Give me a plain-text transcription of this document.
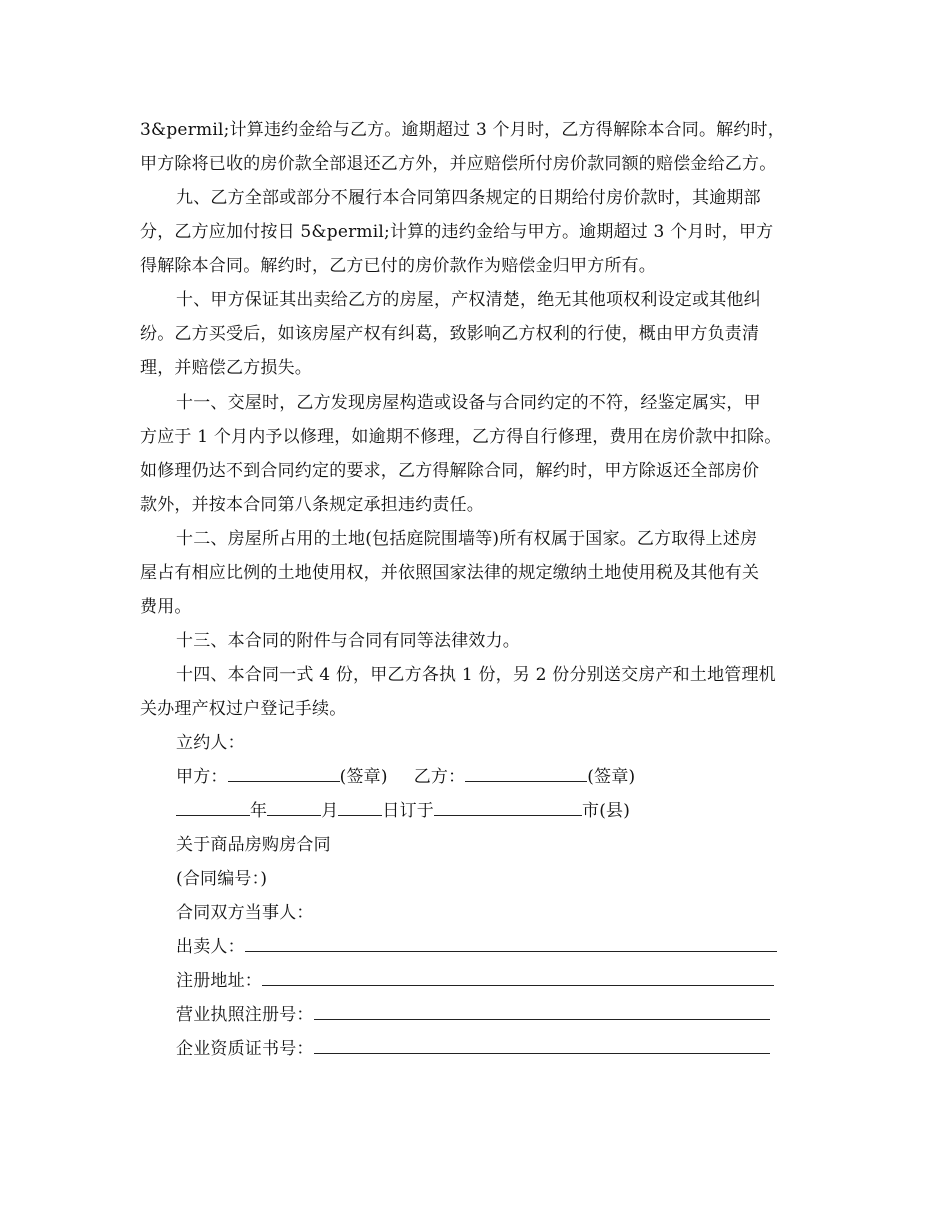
3&permil;计算违约金给与乙方。逾期超过 3 个月时，乙方得解除本合同。解约时，
甲方除将已收的房价款全部退还乙方外，并应赔偿所付房价款同额的赔偿金给乙方。
九、乙方全部或部分不履行本合同第四条规定的日期给付房价款时，其逾期部
分，乙方应加付按日 5&permil;计算的违约金给与甲方。逾期超过 3 个月时，甲方
得解除本合同。解约时，乙方已付的房价款作为赔偿金归甲方所有。
十、甲方保证其出卖给乙方的房屋，产权清楚，绝无其他项权利设定或其他纠
纷。乙方买受后，如该房屋产权有纠葛，致影响乙方权利的行使，概由甲方负责清
理，并赔偿乙方损失。
十一、交屋时，乙方发现房屋构造或设备与合同约定的不符，经鉴定属实，甲
方应于 1 个月内予以修理，如逾期不修理，乙方得自行修理，费用在房价款中扣除。
如修理仍达不到合同约定的要求，乙方得解除合同，解约时，甲方除返还全部房价
款外，并按本合同第八条规定承担违约责任。
十二、房屋所占用的土地(包括庭院围墙等)所有权属于国家。乙方取得上述房
屋占有相应比例的土地使用权，并依照国家法律的规定缴纳土地使用税及其他有关
费用。
十三、本合同的附件与合同有同等法律效力。
十四、本合同一式 4 份，甲乙方各执 1 份，另 2 份分别送交房产和土地管理机
关办理产权过户登记手续。
立约人：
甲方：	(签章) 乙方：	(签章)
年	月	日订于	市(县)
关于商品房购房合同
(合同编号：)
合同双方当事人：
出卖人：
注册地址：
营业执照注册号：
企业资质证书号：
